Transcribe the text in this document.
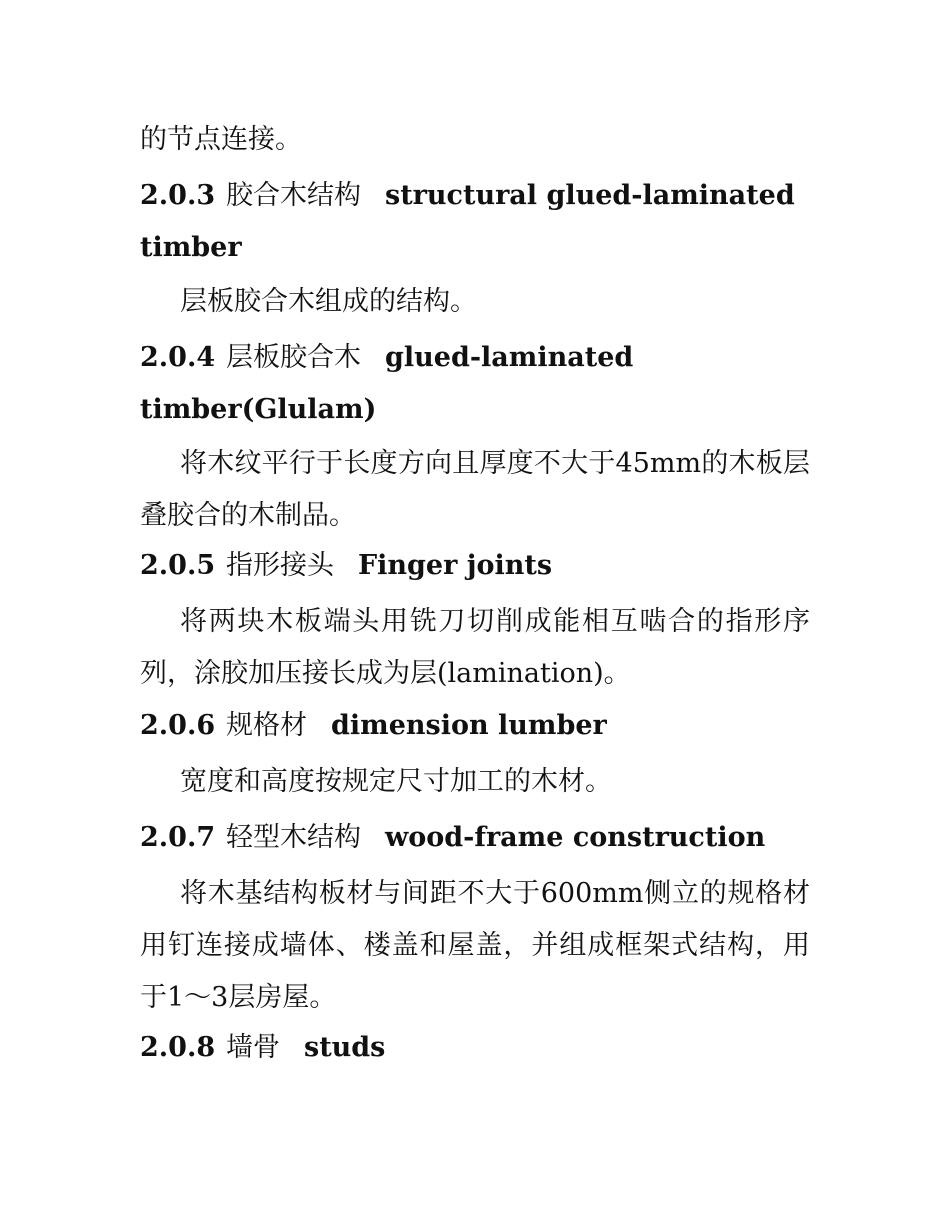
的节点连接。
2.0.3 胶合木结构 structural glued-laminated timber
层板胶合木组成的结构。
2.0.4 层板胶合木 glued-laminated timber(Glulam)
将木纹平行于长度方向且厚度不大于45mm的木板层叠胶合的木制品。
2.0.5 指形接头 Finger joints
将两块木板端头用铣刀切削成能相互啮合的指形序列，涂胶加压接长成为层(lamination)。
2.0.6 规格材 dimension lumber
宽度和高度按规定尺寸加工的木材。
2.0.7 轻型木结构 wood-frame construction
将木基结构板材与间距不大于600mm侧立的规格材用钉连接成墙体、楼盖和屋盖，并组成框架式结构，用于1～3层房屋。
2.0.8 墙骨 studs
